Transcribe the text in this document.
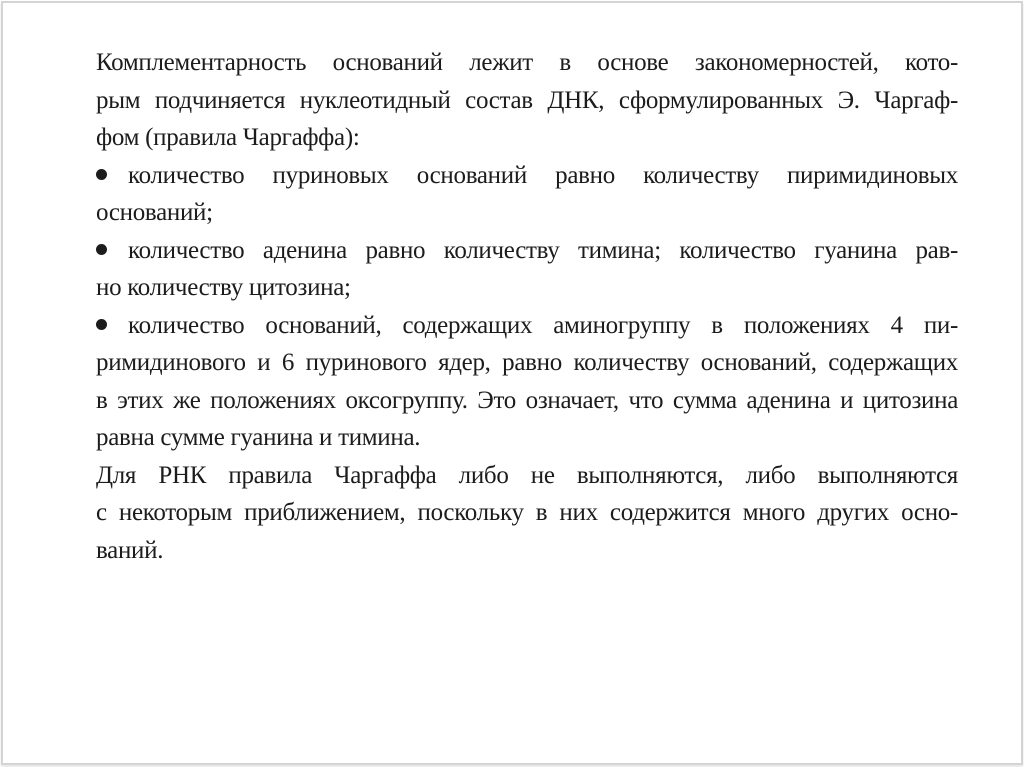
Комплементарность оснований лежит в основе закономерностей, кото-
рым подчиняется нуклеотидный состав ДНК, сформулированных Э. Чаргаф-
фом (правила Чаргаффа):
количество пуриновых оснований равно количеству пиримидиновых
оснований;
количество аденина равно количеству тимина; количество гуанина рав-
но количеству цитозина;
количество оснований, содержащих аминогруппу в положениях 4 пи-
римидинового и 6 пуринового ядер, равно количеству оснований, содержащих
в этих же положениях оксогруппу. Это означает, что сумма аденина и цитозина
равна сумме гуанина и тимина.
Для РНК правила Чаргаффа либо не выполняются, либо выполняются
с некоторым приближением, поскольку в них содержится много других осно-
ваний.
